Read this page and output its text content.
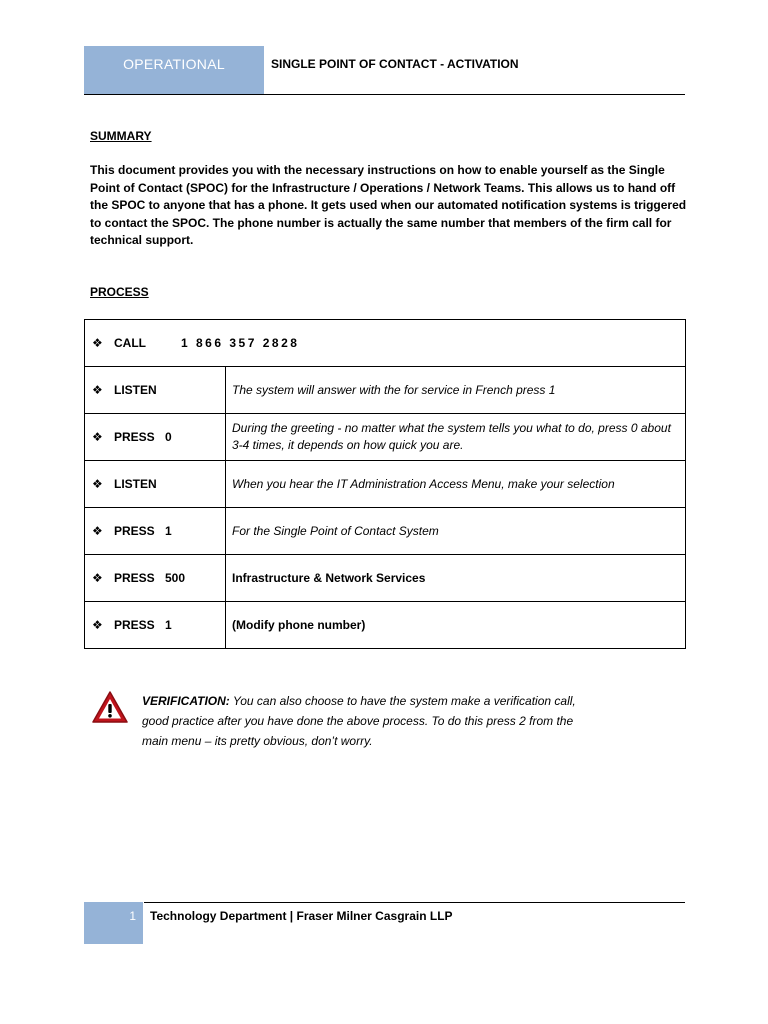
OPERATIONAL	SINGLE POINT OF CONTACT - ACTIVATION
SUMMARY
This document provides you with the necessary instructions on how to enable yourself as the Single Point of Contact (SPOC) for the Infrastructure / Operations / Network Teams. This allows us to hand off the SPOC to anyone that has a phone. It gets used when our automated notification systems is triggered to contact the SPOC. The phone number is actually the same number that members of the firm call for technical support.
PROCESS
❖ CALL 1 866 357 2828	
❖ LISTEN	The system will answer with the for service in French press 1
❖ PRESS 0	During the greeting - no matter what the system tells you what to do, press 0 about 3-4 times, it depends on how quick you are.
❖ LISTEN	When you hear the IT Administration Access Menu, make your selection
❖ PRESS 1	For the Single Point of Contact System
❖ PRESS 500	Infrastructure & Network Services
❖ PRESS 1	(Modify phone number)
VERIFICATION: You can also choose to have the system make a verification call, good practice after you have done the above process. To do this press 2 from the main menu – its pretty obvious, don’t worry.
1	Technology Department | Fraser Milner Casgrain LLP
